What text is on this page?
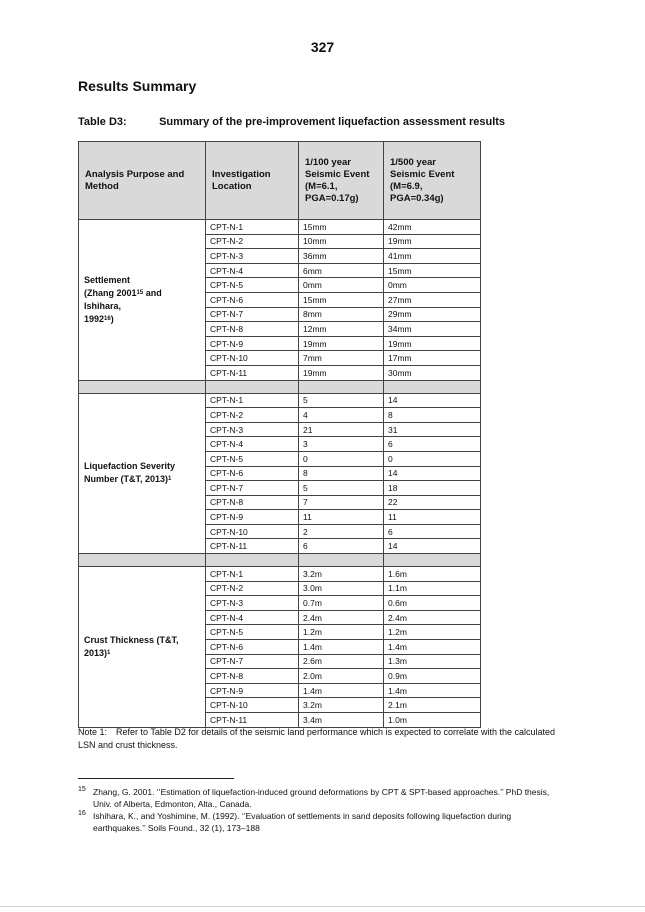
327
Results Summary
Table D3:	Summary of the pre-improvement liquefaction assessment results
Analysis Purpose and Method	Investigation Location	1/100 year Seismic Event (M=6.1, PGA=0.17g)	1/500 year Seismic Event (M=6.9, PGA=0.34g)

Settlement
(Zhang 2001$^{15}$ and Ishihara,
1992$^{16}$)	CPT-N-1	15mm	42mm
	CPT-N-2	10mm	19mm
	CPT-N-3	36mm	41mm
	CPT-N-4	6mm	15mm
	CPT-N-5	0mm	0mm
	CPT-N-6	15mm	27mm
	CPT-N-7	8mm	29mm
	CPT-N-8	12mm	34mm
	CPT-N-9	19mm	19mm
	CPT-N-10	7mm	17mm
	CPT-N-11	19mm	30mm

Liquefaction Severity Number (T&T, 2013)$^1$	CPT-N-1	5	14
	CPT-N-2	4	8
	CPT-N-3	21	31
	CPT-N-4	3	6
	CPT-N-5	0	0
	CPT-N-6	8	14
	CPT-N-7	5	18
	CPT-N-8	7	22
	CPT-N-9	11	11
	CPT-N-10	2	6
	CPT-N-11	6	14

Crust Thickness (T&T, 2013)$^1$	CPT-N-1	3.2m	1.6m
	CPT-N-2	3.0m	1.1m
	CPT-N-3	0.7m	0.6m
	CPT-N-4	2.4m	2.4m
	CPT-N-5	1.2m	1.2m
	CPT-N-6	1.4m	1.4m
	CPT-N-7	2.6m	1.3m
	CPT-N-8	2.0m	0.9m
	CPT-N-9	1.4m	1.4m
	CPT-N-10	3.2m	2.1m
	CPT-N-11	3.4m	1.0m
Note 1: Refer to Table D2 for details of the seismic land performance which is expected to correlate with the calculated LSN and crust thickness.
15 Zhang, G. 2001. ‘’Estimation of liquefaction-induced ground deformations by CPT & SPT-based approaches.’’ PhD thesis, Univ. of Alberta, Edmonton, Alta., Canada.
16 Ishihara, K., and Yoshimine, M. (1992). ‘’Evaluation of settlements in sand deposits following liquefaction during earthquakes.’’ Soils Found., 32 (1), 173–188
